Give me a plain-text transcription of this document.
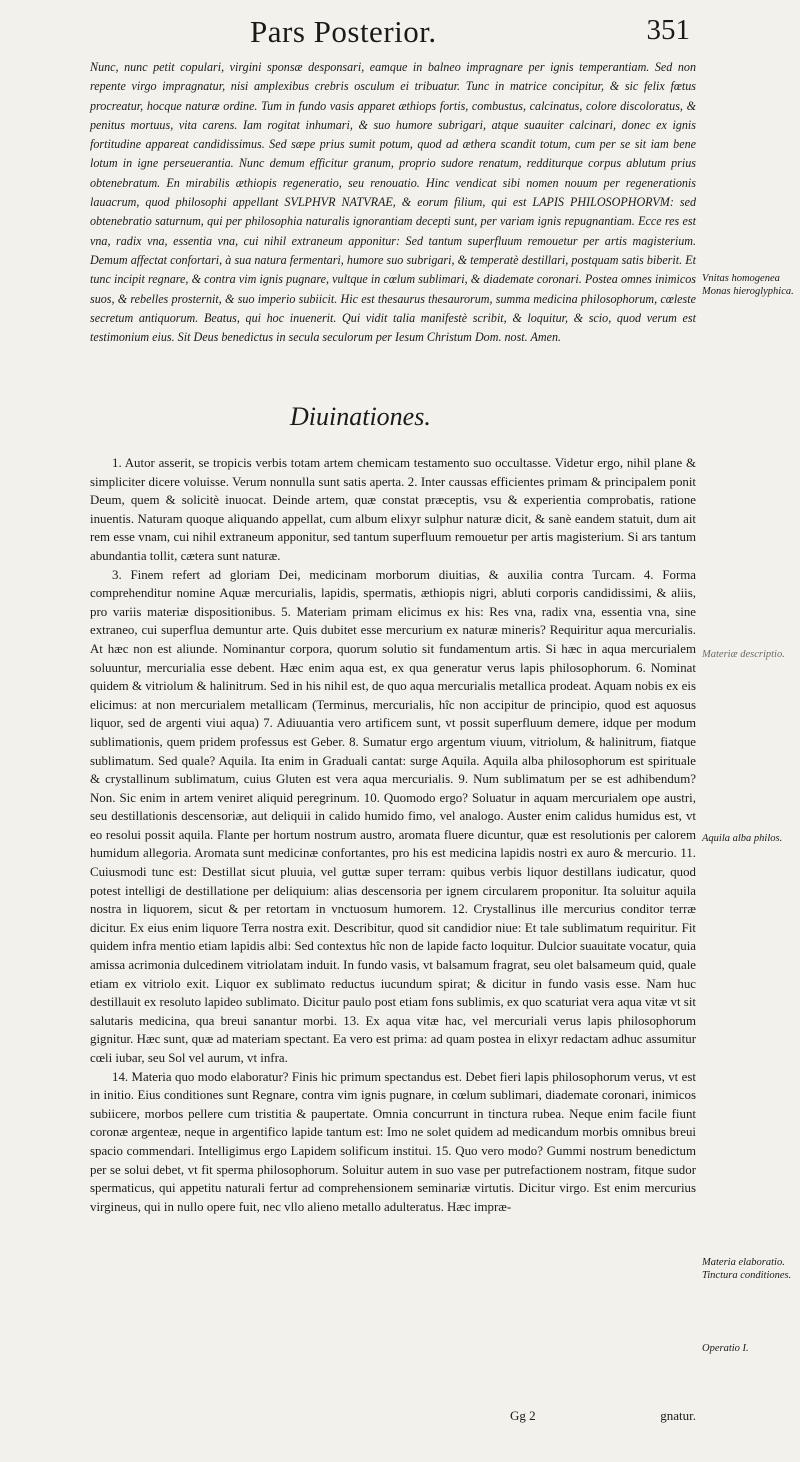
Pars Posterior.	351

Nunc, nunc petit copulari, virgini sponsæ desponsari, eamque in balneo impragnare per ignis temperantiam. Sed non repente virgo impragnatur, nisi amplexibus crebris osculum ei tribuatur. Tunc in matrice concipitur, & sic felix fœtus procreatur, hocque naturæ ordine. Tum in fundo vasis apparet æthiops fortis, combustus, calcinatus, colore discoloratus, & penitus mortuus, vita carens. Iam rogitat inhumari, & suo humore subrigari, atque suauiter calcinari, donec ex ignis fortitudine appareat candidissimus. Sed sæpe prius sumit potum, quod ad æthera scandit totum, cum per se sit iam bene lotum in igne perseuerantia. Nunc demum efficitur granum, proprio sudore renatum, redditurque corpus ablutum prius obtenebratum. En mirabilis æthiopis regeneratio, seu renouatio. Hinc vendicat sibi nomen nouum per regenerationis lauacrum, quod philosophi appellant SVLPHVR NATVRAE, & eorum filium, qui est LAPIS PHILOSOPHORVM: sed obtenebratio saturnum, qui per philosophia naturalis ignorantiam decepti sunt, per variam ignis repugnantiam. Ecce res est vna, radix vna, essentia vna, cui nihil extraneum apponitur: Sed tantum superfluum remouetur per artis magisterium. Demum affectat confortari, à sua natura fermentari, humore suo subrigari, & temperatè destillari, postquam satis biberit. Et tunc incipit regnare, & contra vim ignis pugnare, vultque in cœlum sublimari, & diademate coronari. Postea omnes inimicos suos, & rebelles prosternit, & suo imperio subiicit. Hic est thesaurus thesaurorum, summa medicina philosophorum, cœleste secretum antiquorum. Beatus, qui hoc inuenerit. Qui vidit talia manifestè scribit, & loquitur, & scio, quod verum est testimonium eius. Sit Deus benedictus in secula seculorum per Iesum Christum Dom. nost. Amen.

Diuinationes.

1. Autor asserit, se tropicis verbis totam artem chemicam testamento suo occultasse. Videtur ergo, nihil plane & simpliciter dicere voluisse. Verum nonnulla sunt satis aperta. 2. Inter caussas efficientes primam & principalem ponit Deum, quem & solicitè inuocat. Deinde artem, quæ constat præceptis, vsu & experientia comprobatis, ratione inuentis. Naturam quoque aliquando appellat, cum album elixyr sulphur naturæ dicit, & sanè eandem statuit, dum ait rem esse vnam, cui nihil extraneum apponitur, sed tantum superfluum remouetur per artis magisterium. Si ars tantum abundantia tollit, cætera sunt naturæ.

3. Finem refert ad gloriam Dei, medicinam morborum diuitias, & auxilia contra Turcam. 4. Forma comprehenditur nomine Aquæ mercurialis, lapidis, spermatis, æthiopis nigri, abluti corporis candidissimi, & aliis, pro variis materiæ dispositionibus. 5. Materiam primam elicimus ex his: Res vna, radix vna, essentia vna, sine extraneo, cui superflua demuntur arte. Quis dubitet esse mercurium ex naturæ mineris? Requiritur aqua mercurialis. At hæc non est aliunde. Nominantur corpora, quorum solutio sit fundamentum artis. Si hæc in aqua mercurialem soluuntur, mercurialia esse debent. Hæc enim aqua est, ex qua generatur verus lapis philosophorum. 6. Nominat quidem & vitriolum & halinitrum. Sed in his nihil est, de quo aqua mercurialis metallica prodeat. Aquam nobis ex eis elicimus: at non mercurialem metallicam (Terminus, mercurialis, hîc non accipitur de principio, quod est aquosus liquor, sed de argenti viui aqua) 7. Adiuuantia vero artificem sunt, vt possit superfluum demere, idque per modum sublimationis, quem pridem professus est Geber. 8. Sumatur ergo argentum viuum, vitriolum, & halinitrum, fiatque sublimatum. Sed quale? Aquila. Ita enim in Graduali cantat: surge Aquila. Aquila alba philosophorum est spirituale & crystallinum sublimatum, cuius Gluten est vera aqua mercurialis. 9. Num sublimatum per se est adhibendum? Non. Sic enim in artem veniret aliquid peregrinum. 10. Quomodo ergo? Soluatur in aquam mercurialem ope austri, seu destillationis descensoriæ, aut deliquii in calido humido fimo, vel analogo. Auster enim calidus humidus est, vt eo resolui possit aquila. Flante per hortum nostrum austro, aromata fluere dicuntur, quæ est resolutionis per calorem humidum allegoria. Aromata sunt medicinæ confortantes, pro his est medicina lapidis nostri ex auro & mercurio. 11. Cuiusmodi tunc est: Destillat sicut pluuia, vel guttæ super terram: quibus verbis liquor destillans iudicatur, quod potest intelligi de destillatione per deliquium: alias descensoria per ignem circularem proponitur. Ita soluitur aquila nostra in liquorem, sicut & per retortam in vnctuosum humorem. 12. Crystallinus ille mercurius conditor terræ dicitur. Ex eius enim liquore Terra nostra exit. Describitur, quod sit candidior niue: Et tale sublimatum requiritur. Fit quidem infra mentio etiam lapidis albi: Sed contextus hîc non de lapide facto loquitur. Dulcior suauitate vocatur, quia amissa acrimonia dulcedinem vitriolatam induit. In fundo vasis, vt balsamum fragrat, seu olet balsameum quid, quale etiam ex vitriolo exit. Liquor ex sublimato reductus iucundum spirat; & dicitur in fundo vasis esse. Nam huc destillauit ex resoluto lapideo sublimato. Dicitur paulo post etiam fons sublimis, ex quo scaturiat vera aqua vitæ vt sit salutaris medicina, qua breui sanantur morbi. 13. Ex aqua vitæ hac, vel mercuriali verus lapis philosophorum gignitur. Hæc sunt, quæ ad materiam spectant. Ea vero est prima: ad quam postea in elixyr redactam adhuc assumitur cœli iubar, seu Sol vel aurum, vt infra.

14. Materia quo modo elaboratur? Finis hic primum spectandus est. Debet fieri lapis philosophorum verus, vt est in initio. Eius conditiones sunt Regnare, contra vim ignis pugnare, in cœlum sublimari, diademate coronari, inimicos subiicere, morbos pellere cum tristitia & paupertate. Omnia concurrunt in tinctura rubea. Neque enim facile fiunt coronæ argenteæ, neque in argentifico lapide tantum est: Imo ne solet quidem ad medicandum morbis omnibus breui spacio commendari. Intelligimus ergo Lapidem solificum institui. 15. Quo vero modo? Gummi nostrum benedictum per se solui debet, vt fit sperma philosophorum. Soluitur autem in suo vase per putrefactionem nostram, fitque sudor spermaticus, qui appetitu naturali fertur ad comprehensionem seminariæ virtutis. Dicitur virgo. Est enim mercurius virgineus, qui in nullo opere fuit, nec vllo alieno metallo adulteratus. Hæc impræ-

Vnitas homogenea Monas hieroglyphica.
Materiæ descriptio.
Aquila alba philos.
Materia elaboratio. Tinctura conditiones.
Operatio I.
Gg 2	gnatur.
